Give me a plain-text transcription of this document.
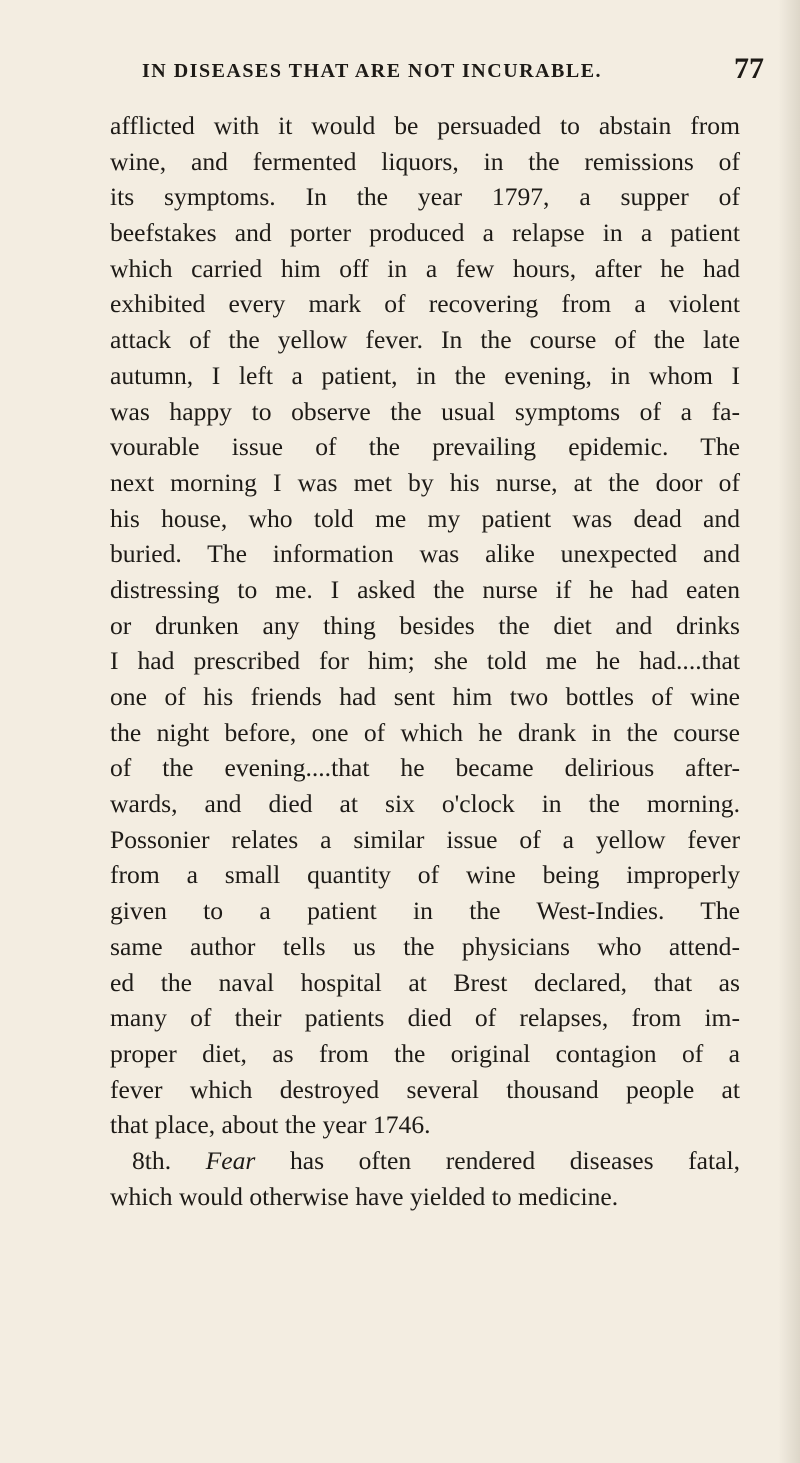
IN DISEASES THAT ARE NOT INCURABLE.	77
afflicted with it would be persuaded to abstain from
wine, and fermented liquors, in the remissions of
its symptoms. In the year 1797, a supper of
beefstakes and porter produced a relapse in a patient
which carried him off in a few hours, after he had
exhibited every mark of recovering from a violent
attack of the yellow fever. In the course of the late
autumn, I left a patient, in the evening, in whom I
was happy to observe the usual symptoms of a fa-
vourable issue of the prevailing epidemic. The
next morning I was met by his nurse, at the door of
his house, who told me my patient was dead and
buried. The information was alike unexpected and
distressing to me. I asked the nurse if he had eaten
or drunken any thing besides the diet and drinks
I had prescribed for him; she told me he had....that
one of his friends had sent him two bottles of wine
the night before, one of which he drank in the course
of the evening....that he became delirious after-
wards, and died at six o'clock in the morning.
Possonier relates a similar issue of a yellow fever
from a small quantity of wine being improperly
given to a patient in the West-Indies. The
same author tells us the physicians who attend-
ed the naval hospital at Brest declared, that as
many of their patients died of relapses, from im-
proper diet, as from the original contagion of a
fever which destroyed several thousand people at
that place, about the year 1746.
8th. Fear has often rendered diseases fatal,
which would otherwise have yielded to medicine.
